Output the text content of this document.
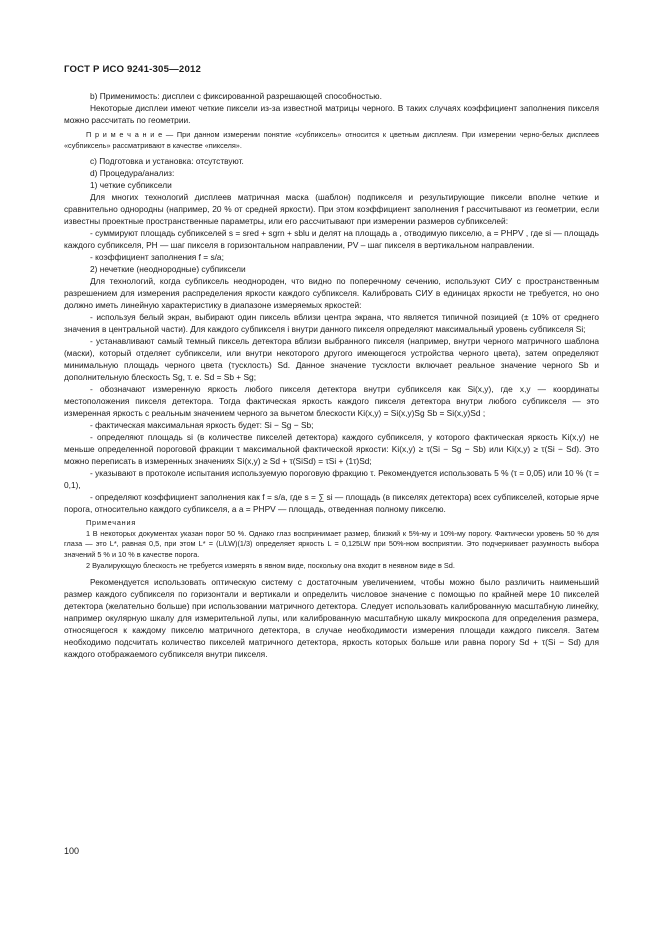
ГОСТ Р ИСО 9241-305—2012

b) Применимость: дисплеи с фиксированной разрешающей способностью.

Некоторые дисплеи имеют четкие пиксели из-за известной матрицы черного. В таких случаях коэффициент заполнения пикселя можно рассчитать по геометрии.

П р и м е ч а н и е — При данном измерении понятие «субпиксель» относится к цветным дисплеям. При измерении черно-белых дисплеев «субпиксель» рассматривают в качестве «пикселя».

c) Подготовка и установка: отсутствуют.

d) Процедура/анализ:

1) четкие субпиксели

Для многих технологий дисплеев матричная маска (шаблон) подпикселя и результирующие пиксели вполне четкие и сравнительно однородны (например, 20 % от средней яркости). При этом коэффициент заполнения f рассчитывают из геометрии, если известны проектные пространственные параметры, или его рассчитывают при измерении размеров субпикселей:

- суммируют площадь субпикселей s = sred + sgrn + sblu и делят на площадь a , отводимую пикселю, a = PHPV , где si — площадь каждого субпикселя, PH — шаг пикселя в горизонтальном направлении, PV – шаг пикселя в вертикальном направлении.

- коэффициент заполнения f = s/a;

2) нечеткие (неоднородные) субпиксели

Для технологий, когда субпиксель неоднороден, что видно по поперечному сечению, используют СИУ с пространственным разрешением для измерения распределения яркости каждого субпикселя. Калибровать СИУ в единицах яркости не требуется, но оно должно иметь линейную характеристику в диапазоне измеряемых яркостей:

- используя белый экран, выбирают один пиксель вблизи центра экрана, что является типичной позицией (± 10% от среднего значения в центральной части). Для каждого субпикселя i внутри данного пикселя определяют максимальный уровень субпикселя Si;

- устанавливают самый темный пиксель детектора вблизи выбранного пикселя (например, внутри черного матричного шаблона (маски), который отделяет субпиксели, или внутри некоторого другого имеющегося устройства черного цвета), затем определяют минимальную площадь черного цвета (тусклость) Sd. Данное значение тусклости включает реальное значение черного Sb и дополнительную блескость Sg, т. е. Sd = Sb + Sg;

- обозначают измеренную яркость любого пикселя детектора внутри субпикселя как Si(x,y), где x,y — координаты местоположения пикселя детектора. Тогда фактическая яркость каждого пикселя детектора внутри любого субпикселя — это измеренная яркость с реальным значением черного за вычетом блескости Ki(x,y) = Si(x,y)Sg Sb = Si(x,y)Sd ;

- фактическая максимальная яркость будет: Si − Sg − Sb;

- определяют площадь si (в количестве пикселей детектора) каждого субпикселя, у которого фактическая яркость Ki(x,y) не меньше определенной пороговой фракции τ максимальной фактической яркости: Ki(x,y) ≥ τ(Si − Sg − Sb) или Ki(x,y) ≥ τ(Si − Sd). Это можно переписать в измеренных значениях Si(x,y) ≥ Sd + τ(SiSd) = τSi + (1τ)Sd;

- указывают в протоколе испытания используемую пороговую фракцию τ. Рекомендуется использовать 5 % (τ = 0,05) или 10 % (τ = 0,1),

- определяют коэффициент заполнения как f = s/a, где s = ∑ si — площадь (в пикселях детектора) всех субпикселей, которые ярче порога, относительно каждого субпикселя, а a = PHPV — площадь, отведенная полному пикселю.

Примечания

1 В некоторых документах указан порог 50 %. Однако глаз воспринимает размер, близкий к 5%-му и 10%-му порогу. Фактически уровень 50 % для глаза — это L*, равная 0,5, при этом L* = (L/LW)(1/3) определяет яркость L = 0,125LW при 50%-ном восприятии. Это подчеркивает разумность выбора значений 5 % и 10 % в качестве порога.

2 Вуалирующую блескость не требуется измерять в явном виде, поскольку она входит в неявном виде в Sd.

Рекомендуется использовать оптическую систему с достаточным увеличением, чтобы можно было различить наименьший размер каждого субпикселя по горизонтали и вертикали и определить числовое значение с помощью по крайней мере 10 пикселей детектора (желательно больше) при использовании матричного детектора. Следует использовать калиброванную масштабную линейку, например окулярную шкалу для измерительной лупы, или калиброванную масштабную шкалу микроскопа для определения размера, относящегося к каждому пикселю матричного детектора, в случае необходимости измерения площади каждого пикселя. Затем необходимо подсчитать количество пикселей матричного детектора, яркость которых больше или равна порогу Sd + τ(Si − Sd) для каждого отображаемого субпикселя внутри пикселя.

100
